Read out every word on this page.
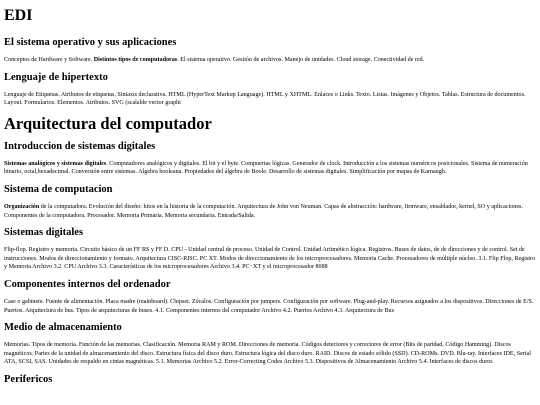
EDI
El sistema operativo y sus aplicaciones

Conceptos de Hardware y Software. Distintos tipos de computadoras. El sistema operativo. Gestión de archivos. Manejo de unidades. Cloud storage. Conectividad de red.

Lenguaje de hipertexto

Lenguaje de Etiquetas. Atributos de etiquetas. Sintaxis declarativa. HTML (HyperText Markup Language). HTML y XHTML. Enlaces o Links. Texto. Listas. Imágenes y Objetos. Tablas. Estructura de documentos. Layout. Formularios. Elementos. Atributos. SVG (scalable vector graphi

Arquitectura del computador
Introduccion de sistemas digitales

Sistemas analógicos y sistemas digitales. Computadores analógicos y digitales. El bit y el byte. Compuertas lógicas. Generador de clock. Introducción a los sistemas numéricos posicionales. Sistema de numeración binario, octal,hexadecimal. Conversión entre sistemas. Algebra booleana. Propiedades del álgebra de Boole. Desarrollo de sistemas digitales. Simplificación por mapas de Karnaugh.

Sistema de computacion

Organización de la computadora. Evolución del diseño: hitos en la historia de la computación. Arquitectura de John von Neuman. Capas de abstracción: hardware, firmware, ensablador, kernel, SO y aplicaciones. Componentes de la computadora. Procesador. Memoria Primaria. Memoria secundaria. Entrada/Salida.

Sistemas digitales

Flip-flop. Registro y memoria. Circuito básico de un FF RS y FF D. CPU - Unidad central de proceso. Unidad de Control. Unidad Aritmético lógica. Registros. Buses de datos, de de direcciones y de control. Set de instrucciones. Modos de direccionamiento y formato. Arquitectura CISC-RISC. PC XT. Modos de direccionamiento de los microprocesadores. Memoria Cache. Procesadores de múltiple núcleo. 3.1. Flip Flop, Registro y Memoria Archivo 3.2. CPU Archivo 3.3. Características de los microprocesadores Archivo 3.4. PC−XT y el microprocesador 8088

Componentes internos del ordenador

Case o gabinete. Fuente de alimentación. Placa madre (mainboard). Chipset. Zócalos. Configuración por jumpers. Configuración por software. Plug-and-play. Recursos asignados a los dispositivos. Direcciones de E/S. Puertos. Arquitectura de bus. Tipos de arquitecturas de buses. 4.1. Componentes internos del computador Archivo 4.2. Puertos Archivo 4.3. Arquitectura de Bus

Medio de almacenamiento

Memorias. Tipos de memoria. Función de las memorias. Clasificación. Memoria RAM y ROM. Direcciones de memoria. Códigos detectores y correctores de error (Bits de paridad, Código Hamming). Discos magnéticos. Partes de la unidad de almacenamiento del disco. Estructura física del disco duro. Estructura lógica del disco duro. RAID. Discos de estado sólido (SSD). CD-ROMs. DVD. Blu-ray. Interfaces IDE, Serial ATA, SCSI, SAS. Unidades de respaldo en cintas magnéticas. 5.1. Memorias Archivo 5.2. Error-Correcting Codes Archivo 5.3. Dispositivos de Almacenamiento Archivo 5.4. Interfaces de discos duros

Perifericos
